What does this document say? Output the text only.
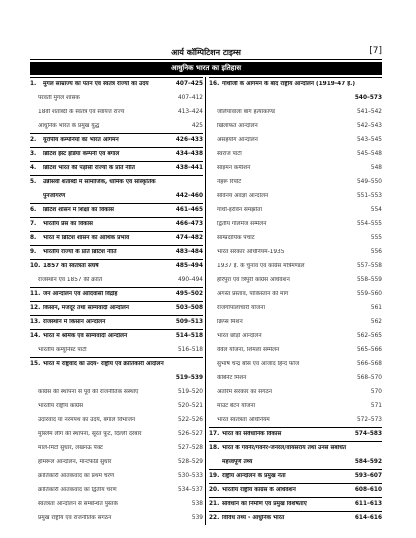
आर्य कॉम्पिटिशन टाइम्स	[7]
आधुनिक भारत का इतिहास
1.	मुगल साम्राज्य का पतन एवं स्वतंत्र राज्यों का उदय	407–425
परवर्ती मुगल शासक	407–412
18वीं शताब्दी के स्वतंत्र एवं स्वायत्त राज्य	413–424
आधुनिक भारत के प्रमुख युद्ध	425
2.	यूरोपीय कम्पनियों का भारत आगमन	426–433
3.	ब्रिटिश ईस्ट इंडिया कम्पनी एवं बंगाल	434–438
4.	ब्रिटिश भारत की पड़ोसी राज्यों के प्रति नीति	438–441
5.	उन्नीसवीं शताब्दी में सामाजिक, धार्मिक एवं सांस्कृतिक
पुनर्जागरण	442–460
6.	ब्रिटिश शासन में शिक्षा का विकास	461–465
7.	भारतीय प्रेस का विकास	466–473
8.	भारत में ब्रिटिश शासन का आर्थिक प्रभाव	474–482
9.	भारतीय राज्यों के प्रति ब्रिटिश नीति	483–484
10. 1857 का स्वतंत्रता संघर्ष	485–494
राजस्थान एवं 1857 की क्रांति	490–494
11. जन आन्दोलन एवं आदिवासी विद्रोह	495–502
12. किसान, मजदूर तथा साम्यवादी आन्दोलन	503–508
13. राजस्थान में किसान आन्दोलन	509–513
14. भारत में श्रमिक एवं साम्यवादी आन्दोलन	514–518
भारतीय कम्युनिस्ट पार्टी	516–518
15. भारत में राष्ट्रवाद का उदय- राष्ट्रीय एवं क्रांतिकारी आंदोलन
519–539
कांग्रेस की स्थापना से पूर्व की राजनीतिक संस्थाएं	519–520
भारतीय राष्ट्रीय कांग्रेस	520–521
उदारवाद या नरमपंथ का उदय, बंगाल विभाजन	522–526
मुस्लिम लीग की स्थापना, सूरत फूट, दिल्ली दरबार	526–527
मार्ले-मिंटो सुधार, लखनऊ पैक्ट	527–528
होमरूल आन्दोलन, मॉन्टफोर्ड सुधार	528–529
क्रांतिकारी आतंकवाद का प्रथम चरण	530–533
क्रांतिकारी आतंकवाद का द्वितीय चरण	534–537
स्वतंत्रता आन्दोलन से सम्बन्धित पुस्तकें	538
प्रमुख राष्ट्रीय एवं राजनीतिक संगठन	539
16. गाँधीजी के आगमन के बाद राष्ट्रीय आन्दोलन (1919-47 ई.)
540–573
जलियाँवाला बाग हत्याकाण्ड	541–542
खिलाफत आन्दोलन	542–543
असहयोग आन्दोलन	543–545
स्वराज पार्टी	545–548
साइमन कमीशन	548
नेहरू रिपोर्ट	549–550
सविनय अवज्ञा आन्दोलन	551–553
गाँधी-इरविन समझौता	554
द्वितीय गोलमेज सम्मेलन	554–555
साम्प्रदायिक पंचाट	555
भारत सरकार अधिनियम-1935	556
1937 ई. के चुनाव एवं कांग्रेस मंत्रिमण्डल	557–558
हरिपुरा एवं त्रिपुरी कांग्रेस अधिवेशन	558–559
अगस्त प्रस्ताव, पाकिस्तान की मांग	559–560
राजगोपालाचारी योजना	561
क्रिप्स मिशन	562
भारत छोड़ो आन्दोलन	562–565
वैवेल योजना, शिमला सम्मेलन	565–566
सुभाष चन्द्र बोस एवं आजाद हिन्द फौज	566–568
कैबिनेट मिशन	568–570
अंतरिम सरकार का संगठन	570
माउंट बैटन योजना	571
भारत स्वतंत्रता अधिनियम	572–573
17. भारत का संवैधानिक विकास	574–583
18. भारत के गवर्नर/गवर्नर-जनरल/वायसराय तथा उनसे संबंधित
महत्त्वपूर्ण तथ्य	584–592
19. राष्ट्रीय आन्दोलन के प्रमुख नेता	593–607
20. भारतीय राष्ट्रीय कांग्रेस के अधिवेशन	608–610
21. संविधान का निर्माण एवं प्रमुख विशेषताएं	611–613
22. विविध तथ्य - आधुनिक भारत	614–616
